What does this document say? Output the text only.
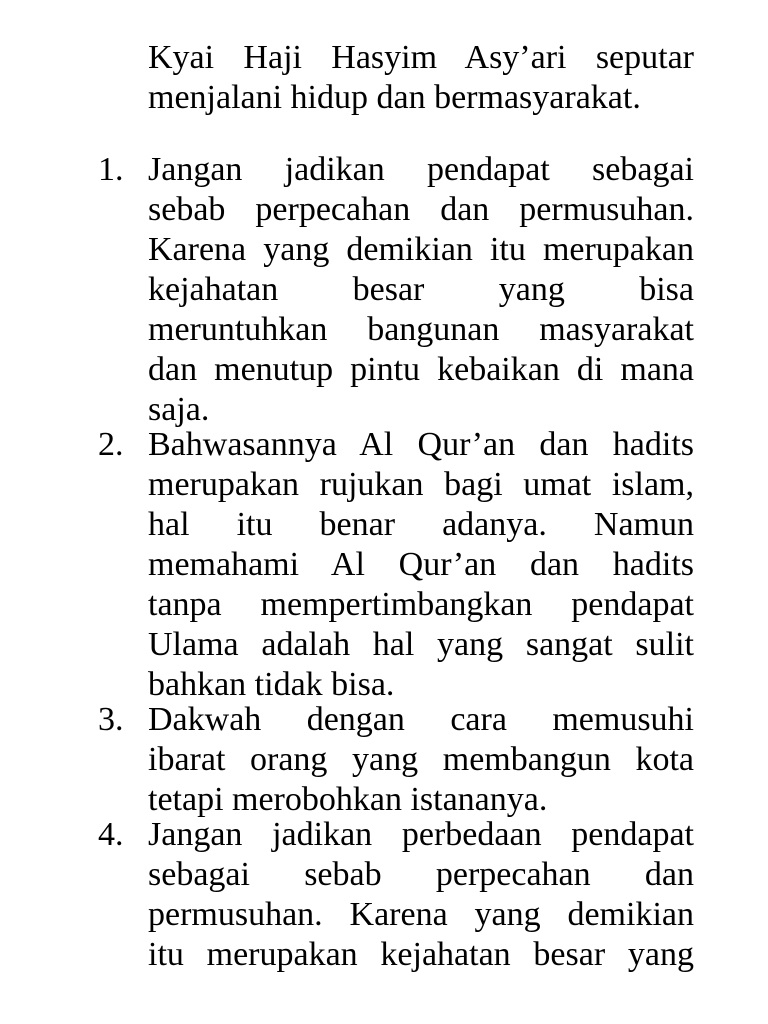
Kyai Haji Hasyim Asy’ari seputar
menjalani hidup dan bermasyarakat.
1. Jangan jadikan pendapat sebagai
sebab perpecahan dan permusuhan.
Karena yang demikian itu merupakan
kejahatan besar yang bisa
meruntuhkan bangunan masyarakat
dan menutup pintu kebaikan di mana
saja.
2. Bahwasannya Al Qur’an dan hadits
merupakan rujukan bagi umat islam,
hal itu benar adanya. Namun
memahami Al Qur’an dan hadits
tanpa mempertimbangkan pendapat
Ulama adalah hal yang sangat sulit
bahkan tidak bisa.
3. Dakwah dengan cara memusuhi
ibarat orang yang membangun kota
tetapi merobohkan istananya.
4. Jangan jadikan perbedaan pendapat
sebagai sebab perpecahan dan
permusuhan. Karena yang demikian
itu merupakan kejahatan besar yang
